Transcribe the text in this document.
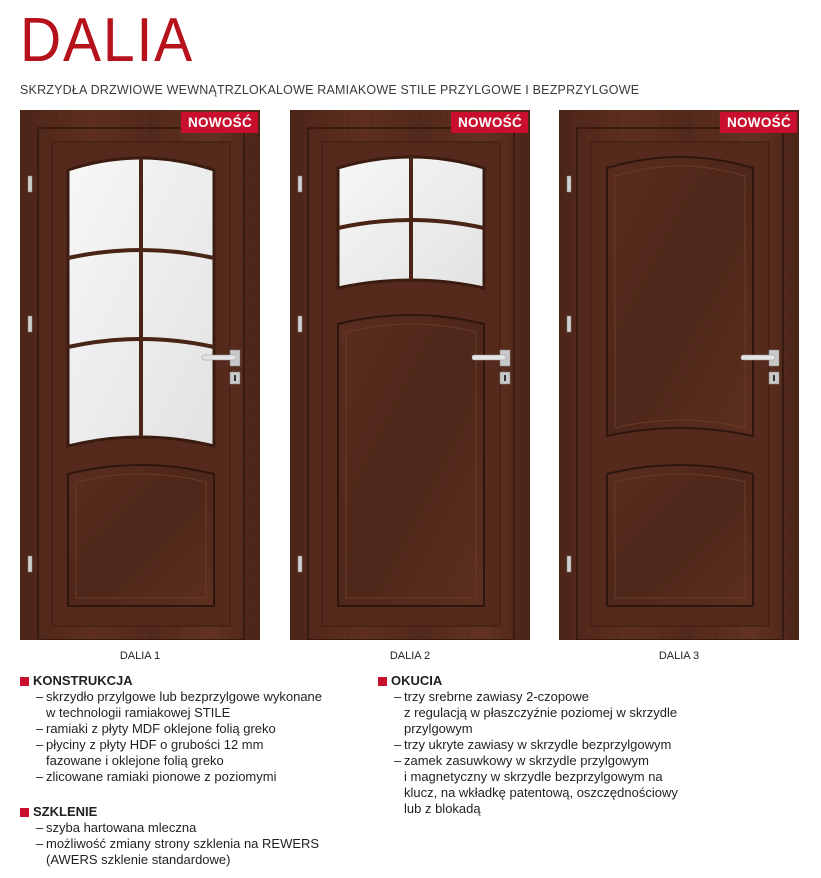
DALIA
SKRZYDŁA DRZWIOWE WEWNĄTRZLOKALOWE RAMIAKOWE STILE PRZYLGOWE I BEZPRZYLGOWE
NOWOŚĆ
DALIA 1
NOWOŚĆ
DALIA 2
NOWOŚĆ
DALIA 3
KONSTRUKCJA
– skrzydło przylgowe lub bezprzylgowe wykonane
w technologii ramiakowej STILE
– ramiaki z płyty MDF oklejone folią greko
– płyciny z płyty HDF o grubości 12 mm
fazowane i oklejone folią greko
– zlicowane ramiaki pionowe z poziomymi
SZKLENIE
– szyba hartowana mleczna
– możliwość zmiany strony szklenia na REWERS
(AWERS szklenie standardowe)
OKUCIA
– trzy srebrne zawiasy 2-czopowe
z regulacją w płaszczyźnie poziomej w skrzydle
przylgowym
– trzy ukryte zawiasy w skrzydle bezprzylgowym
– zamek zasuwkowy w skrzydle przylgowym
i magnetyczny w skrzydle bezprzylgowym na
klucz, na wkładkę patentową, oszczędnościowy
lub z blokadą
